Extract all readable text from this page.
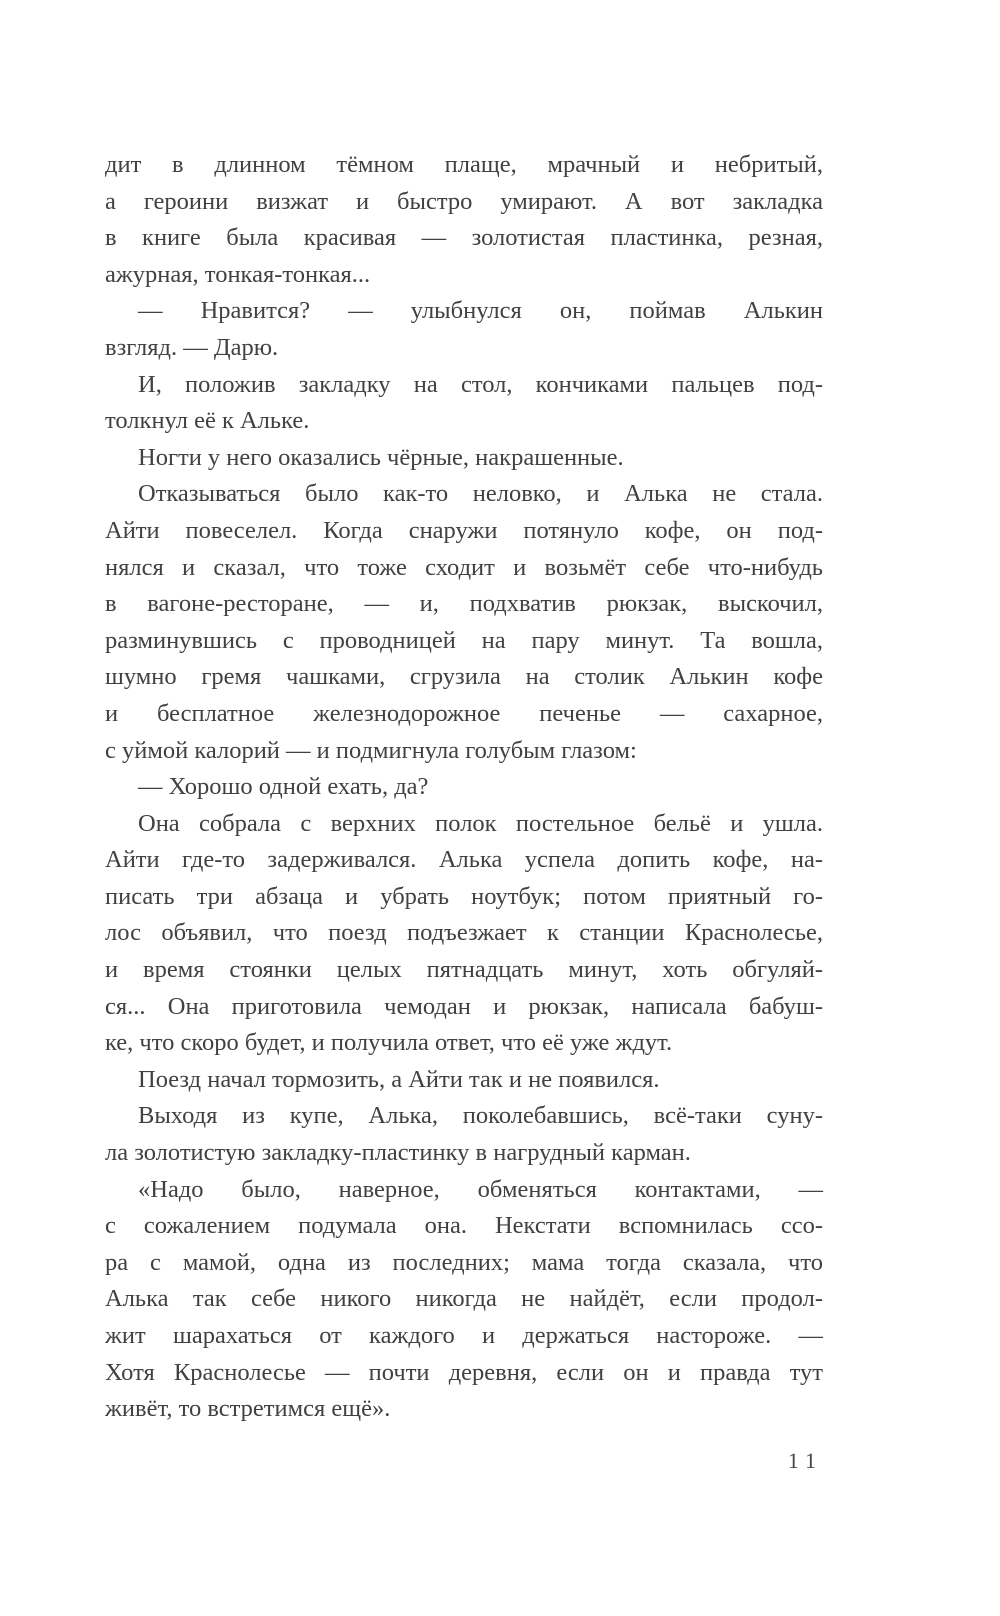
дит в длинном тёмном плаще, мрачный и небритый,
а героини визжат и быстро умирают. А вот закладка
в книге была красивая — золотистая пластинка, резная,
ажурная, тонкая-тонкая...
— Нравится? — улыбнулся он, поймав Алькин
взгляд. — Дарю.
И, положив закладку на стол, кончиками пальцев под-
толкнул её к Альке.
Ногти у него оказались чёрные, накрашенные.
Отказываться было как-то неловко, и Алька не стала.
Айти повеселел. Когда снаружи потянуло кофе, он под-
нялся и сказал, что тоже сходит и возьмёт себе что-нибудь
в вагоне-ресторане, — и, подхватив рюкзак, выскочил,
разминувшись с проводницей на пару минут. Та вошла,
шумно гремя чашками, сгрузила на столик Алькин кофе
и бесплатное железнодорожное печенье — сахарное,
с уймой калорий — и подмигнула голубым глазом:
— Хорошо одной ехать, да?
Она собрала с верхних полок постельное бельё и ушла.
Айти где-то задерживался. Алька успела допить кофе, на-
писать три абзаца и убрать ноутбук; потом приятный го-
лос объявил, что поезд подъезжает к станции Краснолесье,
и время стоянки целых пятнадцать минут, хоть обгуляй-
ся... Она приготовила чемодан и рюкзак, написала бабуш-
ке, что скоро будет, и получила ответ, что её уже ждут.
Поезд начал тормозить, а Айти так и не появился.
Выходя из купе, Алька, поколебавшись, всё-таки суну-
ла золотистую закладку-пластинку в нагрудный карман.
«Надо было, наверное, обменяться контактами, —
с сожалением подумала она. Некстати вспомнилась ссо-
ра с мамой, одна из последних; мама тогда сказала, что
Алька так себе никого никогда не найдёт, если продол-
жит шарахаться от каждого и держаться настороже. —
Хотя Краснолесье — почти деревня, если он и правда тут
живёт, то встретимся ещё».
11
